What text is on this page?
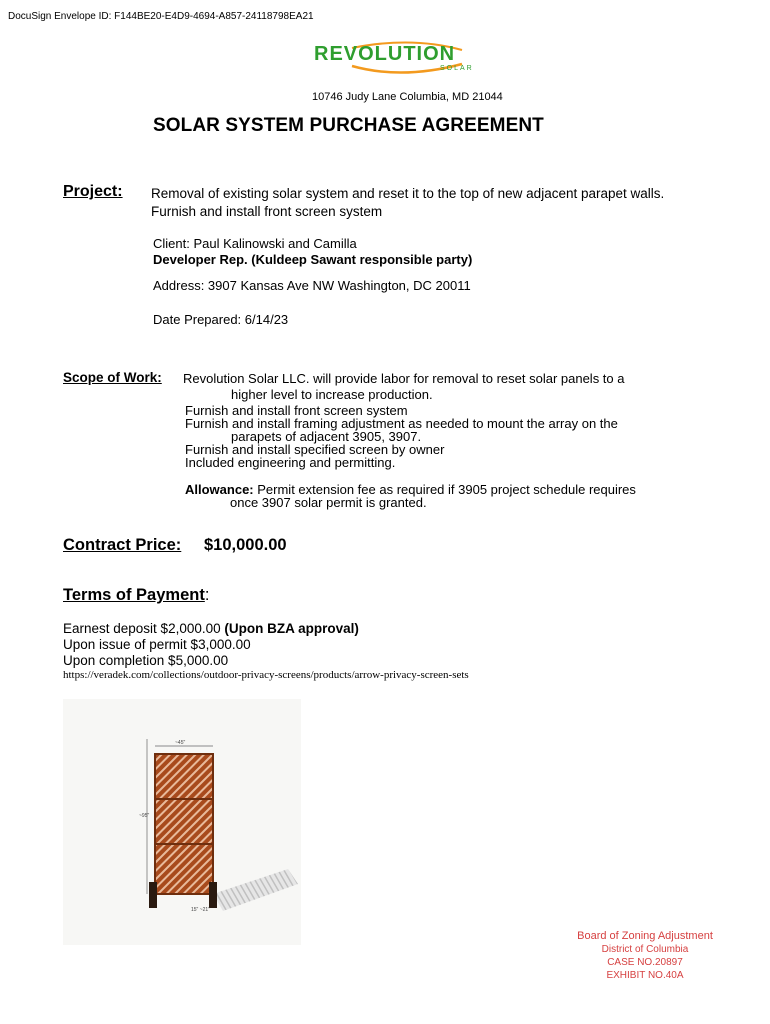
DocuSign Envelope ID: F144BE20-E4D9-4694-A857-24118798EA21
REVOLUTION
SOLAR
10746 Judy Lane Columbia, MD 21044
SOLAR SYSTEM PURCHASE AGREEMENT
Project: Removal of existing solar system and reset it to the top of new adjacent parapet walls.
Furnish and install front screen system
Client: Paul Kalinowski and Camilla
Developer Rep. (Kuldeep Sawant responsible party)
Address: 3907 Kansas Ave NW Washington, DC 20011
Date Prepared: 6/14/23
Scope of Work: Revolution Solar LLC. will provide labor for removal to reset solar panels to a
higher level to increase production.
Furnish and install front screen system
Furnish and install framing adjustment as needed to mount the array on the
parapets of adjacent 3905, 3907.
Furnish and install specified screen by owner
Included engineering and permitting.
Allowance: Permit extension fee as required if 3905 project schedule requires
once 3907 solar permit is granted.
Contract Price: $10,000.00
Terms of Payment:
Earnest deposit $2,000.00 (Upon BZA approval)
Upon issue of permit $3,000.00
Upon completion $5,000.00
https://veradek.com/collections/outdoor-privacy-screens/products/arrow-privacy-screen-sets
~45"
~95"
15" ~21"
Board of Zoning Adjustment
District of Columbia
CASE NO.20897
EXHIBIT NO.40A
